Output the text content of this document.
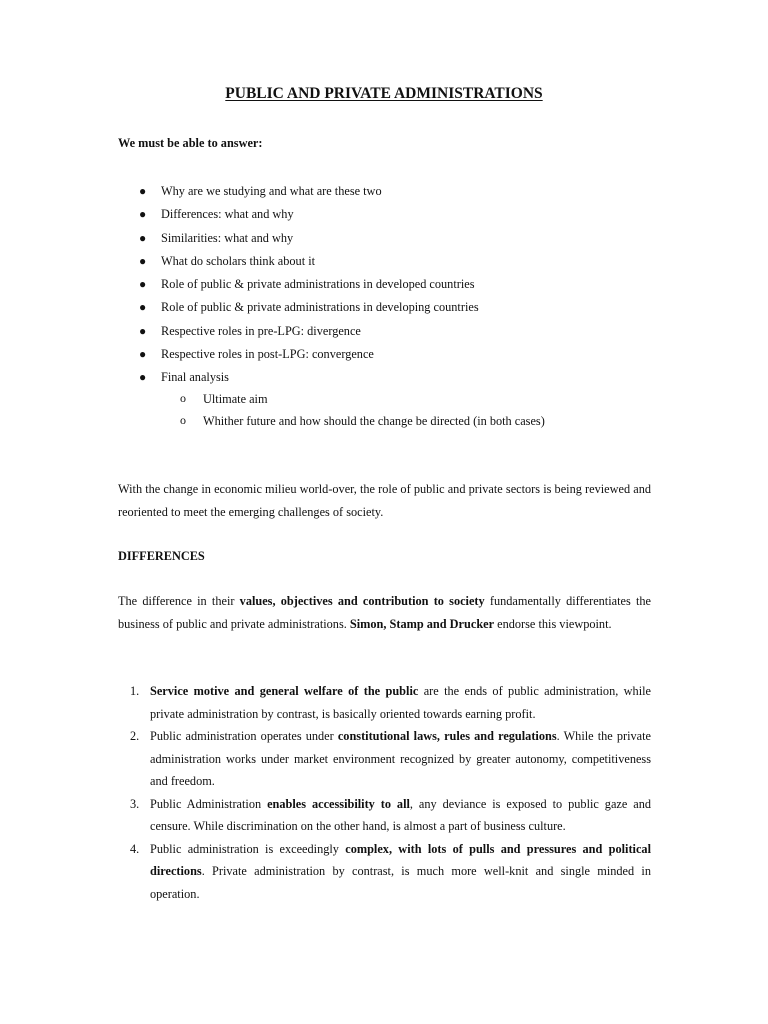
PUBLIC AND PRIVATE ADMINISTRATIONS
We must be able to answer:
● Why are we studying and what are these two
● Differences: what and why
● Similarities: what and why
● What do scholars think about it
● Role of public & private administrations in developed countries
● Role of public & private administrations in developing countries
● Respective roles in pre-LPG: divergence
● Respective roles in post-LPG: convergence
● Final analysis
o Ultimate aim
o Whither future and how should the change be directed (in both cases)

With the change in economic milieu world-over, the role of public and private sectors is being reviewed and reoriented to meet the emerging challenges of society.

DIFFERENCES

The difference in their values, objectives and contribution to society fundamentally differentiates the business of public and private administrations. Simon, Stamp and Drucker endorse this viewpoint.

1. Service motive and general welfare of the public are the ends of public administration, while private administration by contrast, is basically oriented towards earning profit.
2. Public administration operates under constitutional laws, rules and regulations. While the private administration works under market environment recognized by greater autonomy, competitiveness and freedom.
3. Public Administration enables accessibility to all, any deviance is exposed to public gaze and censure. While discrimination on the other hand, is almost a part of business culture.
4. Public administration is exceedingly complex, with lots of pulls and pressures and political directions. Private administration by contrast, is much more well-knit and single minded in operation.
